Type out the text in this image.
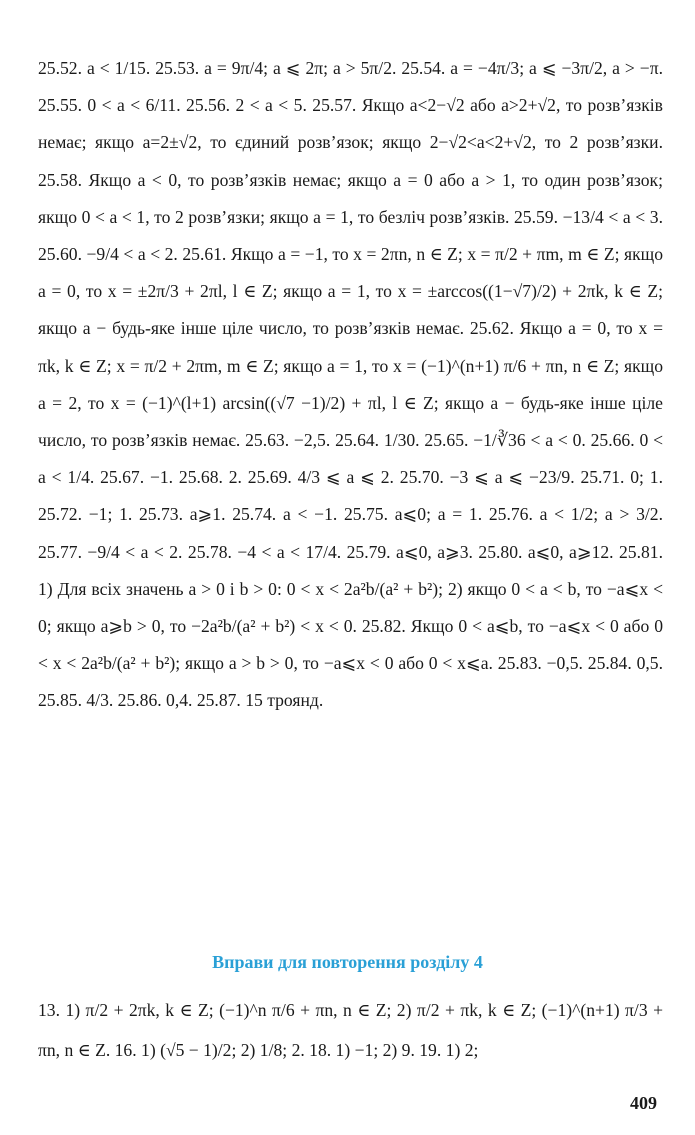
25.52. a < 1/15. 25.53. a = 9π/4; a ⩽ 2π; a > 5π/2. 25.54. a = −4π/3; a ⩽ −3π/2, a > −π. 25.55. 0 < a < 6/11. 25.56. 2 < a < 5. 25.57. Якщо a<2−√2 або a>2+√2, то розв’язків немає; якщо a=2±√2, то єдиний розв’язок; якщо 2−√2<a<2+√2, то 2 розв’язки. 25.58. Якщо a < 0, то розв’язків немає; якщо a = 0 або a > 1, то один розв’язок; якщо 0 < a < 1, то 2 розв’язки; якщо a = 1, то безліч розв’язків. 25.59. −13/4 < a < 3. 25.60. −9/4 < a < 2. 25.61. Якщо a = −1, то x = 2πn, n ∈ Z; x = π/2 + πm, m ∈ Z; якщо a = 0, то x = ±2π/3 + 2πl, l ∈ Z; якщо a = 1, то x = ±arccos((1−√7)/2) + 2πk, k ∈ Z; якщо a − будь-яке інше ціле число, то розв’язків немає. 25.62. Якщо a = 0, то x = πk, k ∈ Z; x = π/2 + 2πm, m ∈ Z; якщо a = 1, то x = (−1)^(n+1) π/6 + πn, n ∈ Z; якщо a = 2, то x = (−1)^(l+1) arcsin((√7 −1)/2) + πl, l ∈ Z; якщо a − будь-яке інше ціле число, то розв’язків немає. 25.63. −2,5. 25.64. 1/30. 25.65. −1/∛36 < a < 0. 25.66. 0 < a < 1/4. 25.67. −1. 25.68. 2. 25.69. 4/3 ⩽ a ⩽ 2. 25.70. −3 ⩽ a ⩽ −23/9. 25.71. 0; 1. 25.72. −1; 1. 25.73. a⩾1. 25.74. a < −1. 25.75. a⩽0; a = 1. 25.76. a < 1/2; a > 3/2. 25.77. −9/4 < a < 2. 25.78. −4 < a < 17/4. 25.79. a⩽0, a⩾3. 25.80. a⩽0, a⩾12. 25.81. 1) Для всіх значень a > 0 і b > 0: 0 < x < 2a²b/(a² + b²); 2) якщо 0 < a < b, то −a⩽x < 0; якщо a⩾b > 0, то −2a²b/(a² + b²) < x < 0. 25.82. Якщо 0 < a⩽b, то −a⩽x < 0 або 0 < x < 2a²b/(a² + b²); якщо a > b > 0, то −a⩽x < 0 або 0 < x⩽a. 25.83. −0,5. 25.84. 0,5. 25.85. 4/3. 25.86. 0,4. 25.87. 15 троянд.

Вправи для повторення розділу 4

13. 1) π/2 + 2πk, k ∈ Z; (−1)^n π/6 + πn, n ∈ Z; 2) π/2 + πk, k ∈ Z; (−1)^(n+1) π/3 + πn, n ∈ Z. 16. 1) (√5 − 1)/2; 2) 1/8; 2. 18. 1) −1; 2) 9. 19. 1) 2;

409
